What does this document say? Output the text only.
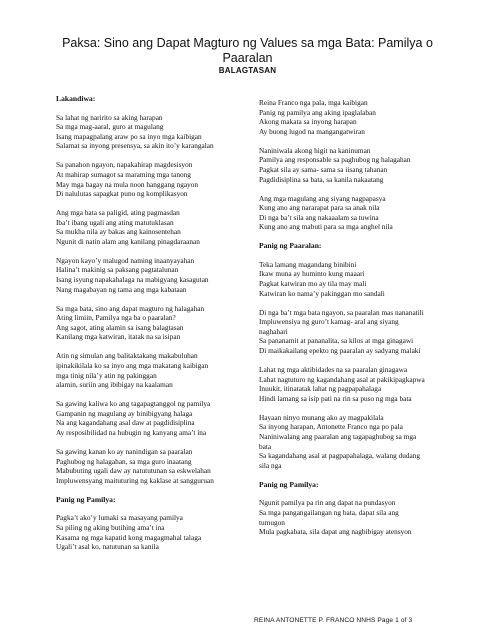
Paksa: Sino ang Dapat Magturo ng Values sa mga Bata: Pamilya o Paaralan
BALAGTASAN
Lakandiwa:
Sa lahat ng naririto sa aking harapan
Sa mga mag-aaral, guro at magulang
Isang mapagpalang araw po sa inyo mga kaibigan
Salamat sa inyong presensya, sa akin ito’y karangalan
Sa panahon ngayon, napakahirap magdesisyon
At mahirap sumagot sa maraming mga tanong
May mga bagay na mula noon hanggang ngayon
Di nalulutas sapagkat puno ng komplikasyon
Ang mga bata sa paligid, ating pagmasdan
Iba’t ibang ugali ang ating matutuklasan
Sa mukha nila ay bakas ang kainosentehan
Ngunit di natin alam ang kanilang pinagdaraanan
Ngayon kayo’y malugod naming inaanyayahan
Halina’t makinig sa paksang pagtatalunan
Isang isyung napakahalaga na mabigyang kasagutan
Nang magabayan ng tama ang mga kabataan
Sa mga bata, sino ang dapat magturo ng halagahan
Ating limiin, Pamilya nga ba o paaralan?
Ang sagot, ating alamin sa isang balagtasan
Kanilang mga katwiran, itatak na sa isipan
Atin ng simulan ang balitaktakang makabuluhan
ipinakikilala ko sa inyo ang mga makatang kaibigan
mga tinig nila’y atin ng pakinggan
alamin, suriin ang ibibigay na kaalaman
Sa gawing kaliwa ko ang tagapagtanggol ng pamilya
Gampanin ng magulang ay binibigyang halaga
Na ang kagandahang asal daw at pagdidisiplina
Ay resposibilidad na hubugin ng kanyang ama’t ina
Sa gawing kanan ko ay nanindigan sa paaralan
Paghubog ng halagahan, sa mga guro inaatang
Mabubuting ugali daw ay natututunan sa eskwelahan
Impluwensyang maituturing ng kaklase at sangguruan
Panig ng Pamilya:
Pagka’t ako’y lumaki sa masayang pamilya
Sa piling ng aking butihing ama’t ina
Kasama ng mga kapatid kong magagmahal talaga
Ugali’t asal ko, natutunan sa kanila
Reina Franco nga pala, mga kaibigan
Panig ng pamilya ang aking ipaglalaban
Akong makata sa inyong harapan
Ay buong lugod na mangangatwiran
Naniniwala akong higit na kaninuman
Pamilya ang responsable sa paghubog ng halagahan
Pagkat sila ay sama- sama sa iisang tahanan
Pagdidisiplina sa bata, sa kanila nakaatang
Ang mga magulang ang siyang nagpapasya
Kung ano ang nararapat para sa anak nila
Di nga ba’t sila ang nakaaalam sa tuwina
Kung ano ang mabuti para sa mga anghel nila
Panig ng Paaralan:
Teka lamang magandang binibini
Ikaw muna ay huminto kung maaari
Pagkat katwiran mo ay tila may mali
Katwiran ko nama’y pakinggan mo sandali
Di nga ba’t mga bata ngayon, sa paaralan mas nananatili
Impluwensiya ng guro’t kamag- aral ang siyang
naghahari
Sa pananamit at pananalita, sa kilos at mga ginagawi
Di maikakailang epekto ng paaralan ay sadyang malaki
Lahat ng mga aktibidades na sa paaralan ginagawa
Lahat nagtuturo ng kagandahang asal at pakikipagkapwa
Inuukit, itinatatak lahat ng pagpapahalaga
Hindi lamang sa isip pati na rin sa puso ng mga bata
Hayaan ninyo munang ako ay magpakilala
Sa inyong harapan, Antonette Franco nga po pala
Naniniwalang ang paaralan ang tagapaghubog sa mga
bata
Sa kagandahang asal at pagpapahalaga, walang dudang
sila nga
Panig ng Pamilya:
Ngunit pamilya pa rin ang dapat na pundasyon
Sa mga pangangailangan ng bata, dapat sila ang
tumugon
Mula pagkabata, sila dapat ang nagbibigay atensyon
REINA ANTONETTE P. FRANCO NNHS Page 1 of 3
